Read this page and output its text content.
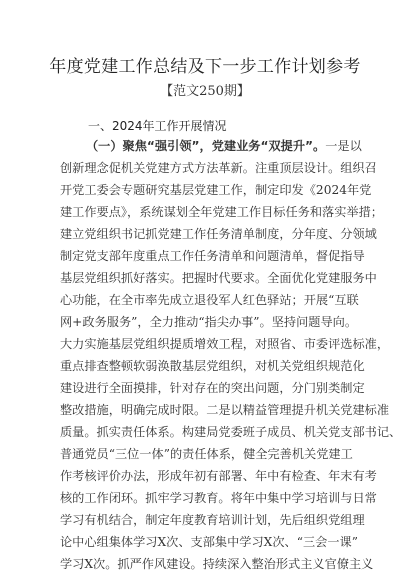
年度党建工作总结及下一步工作计划参考
【范文250期】
一、2024年工作开展情况
（一）聚焦“强引领”，党建业务“双提升”。一是以
创新理念促机关党建方式方法革新。注重顶层设计。组织召
开党工委会专题研究基层党建工作，制定印发《2024年党
建工作要点》，系统谋划全年党建工作目标任务和落实举措；
建立党组织书记抓党建工作任务清单制度，分年度、分领域
制定党支部年度重点工作任务清单和问题清单，督促指导
基层党组织抓好落实。把握时代要求。全面优化党建服务中
心功能，在全市率先成立退役军人红色驿站；开展“互联
网+政务服务”，全力推动“指尖办事”。坚持问题导向。
大力实施基层党组织提质增效工程，对照省、市委评选标准，
重点排查整顿软弱涣散基层党组织，对机关党组织规范化
建设进行全面摸排，针对存在的突出问题，分门别类制定
整改措施，明确完成时限。二是以精益管理提升机关党建标准
质量。抓实责任体系。构建局党委班子成员、机关党支部书记、
普通党员“三位一体”的责任体系，健全完善机关党建工
作考核评价办法，形成年初有部署、年中有检查、年末有考
核的工作闭环。抓牢学习教育。将年中集中学习培训与日常
学习有机结合，制定年度教育培训计划，先后组织党组理
论中心组集体学习X次、支部集中学习X次、“三会一课”
学习X次。抓严作风建设。持续深入整治形式主义官僚主义
